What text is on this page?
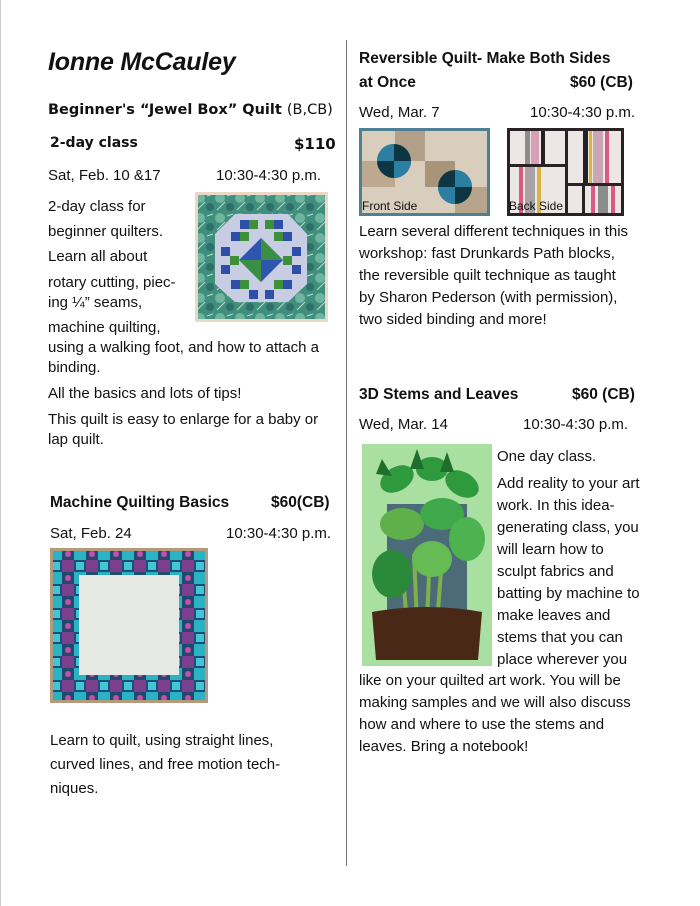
Ionne McCauley
Beginner's “Jewel Box” Quilt (B,CB)
2-day class	$110
Sat, Feb. 10 &17	10:30-4:30 p.m.

2-day class for

beginner quilters.

Learn all about

rotary cutting, piec-

ing ¼” seams,

machine quilting,

using a walking foot, and how to attach a

binding.

All the basics and lots of tips!

This quilt is easy to enlarge for a baby or

lap quilt.

Machine Quilting Basics	$60(CB)
Sat, Feb. 24	10:30-4:30 p.m.

Learn to quilt, using straight lines,

curved lines, and free motion tech-

niques.

Reversible Quilt- Make Both Sides
at Once	$60 (CB)
Wed, Mar. 7	10:30-4:30 p.m.
Front Side	Back Side

Learn several different techniques in this

workshop: fast Drunkards Path blocks,

the reversible quilt technique as taught

by Sharon Pederson (with permission),

two sided binding and more!

3D Stems and Leaves	$60 (CB)
Wed, Mar. 14	10:30-4:30 p.m.
One day class.

Add reality to your art

work. In this idea-

generating class, you

will learn how to

sculpt fabrics and

batting by machine to

make leaves and

stems that you can

place wherever you

like on your quilted art work. You will be

making samples and we will also discuss

how and where to use the stems and

leaves. Bring a notebook!
